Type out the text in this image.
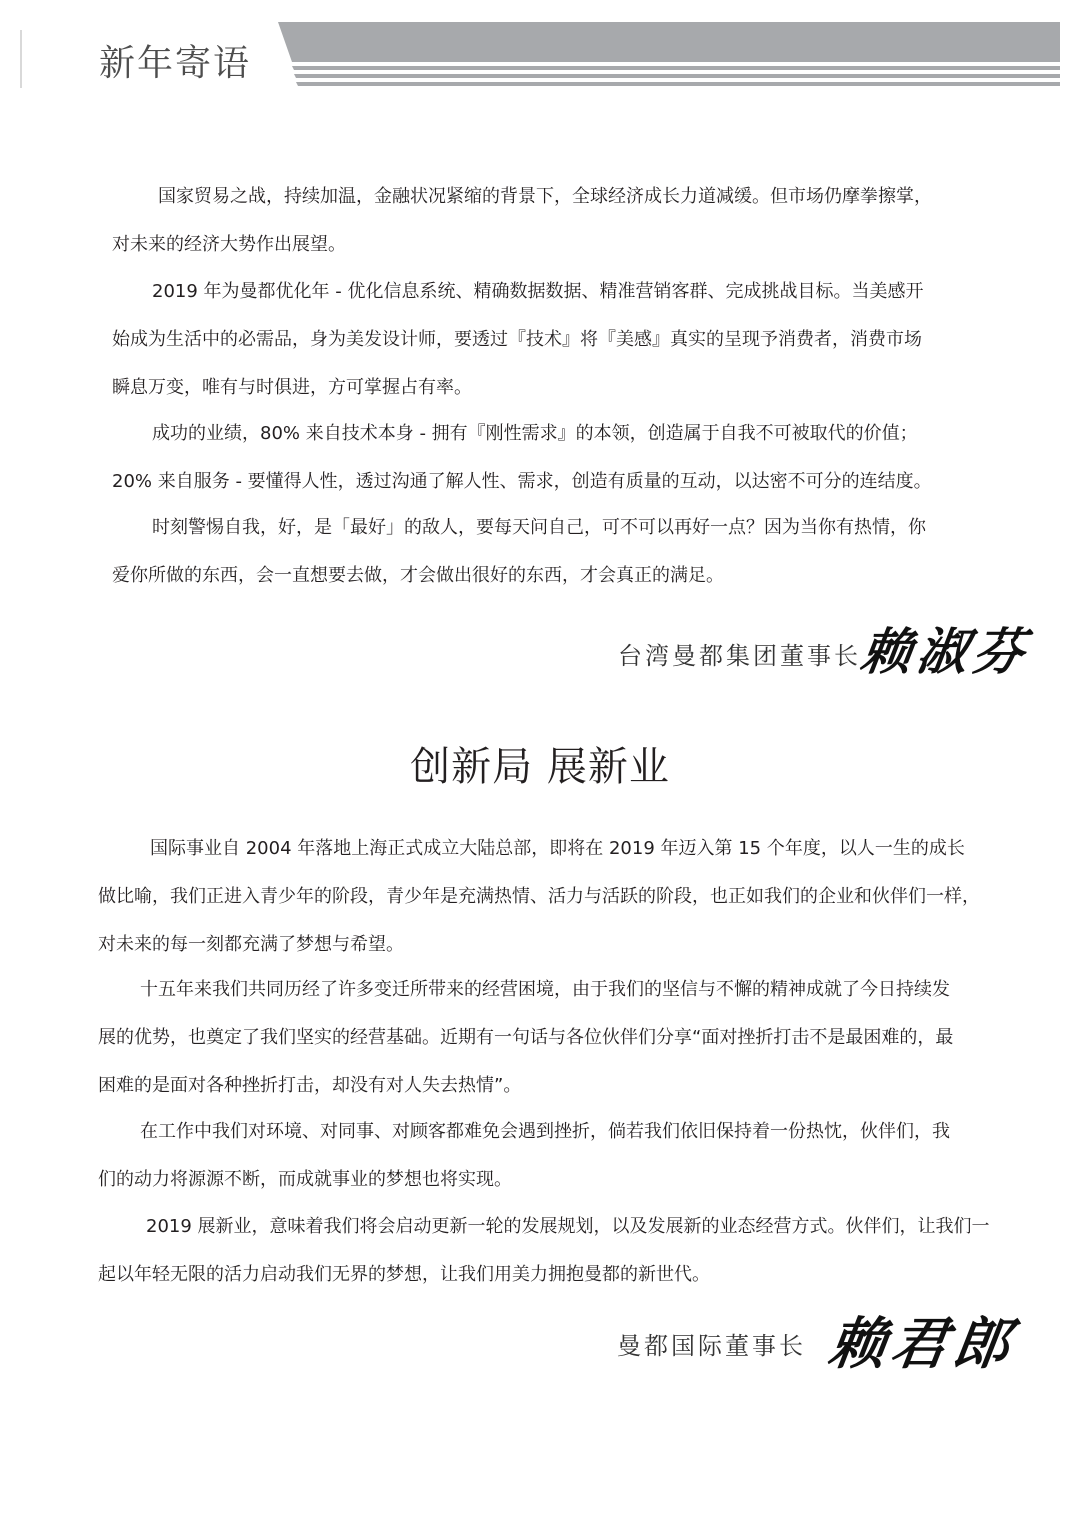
新年寄语
国家贸易之战，持续加温，金融状况紧缩的背景下，全球经济成长力道减缓。但市场仍摩拳擦掌，
对未来的经济大势作出展望。
2019 年为曼都优化年 - 优化信息系统、精确数据数据、精准营销客群、完成挑战目标。当美感开
始成为生活中的必需品，身为美发设计师，要透过『技术』将『美感』真实的呈现予消费者，消费市场
瞬息万变，唯有与时俱进，方可掌握占有率。
成功的业绩，80% 来自技术本身 - 拥有『刚性需求』的本领，创造属于自我不可被取代的价值；
20% 来自服务 - 要懂得人性，透过沟通了解人性、需求，创造有质量的互动，以达密不可分的连结度。
时刻警惕自我，好，是「最好」的敌人，要每天问自己，可不可以再好一点？因为当你有热情，你
爱你所做的东西，会一直想要去做，才会做出很好的东西，才会真正的满足。
台湾曼都集团董事长
赖淑芬
创新局 展新业
国际事业自 2004 年落地上海正式成立大陆总部，即将在 2019 年迈入第 15 个年度，以人一生的成长
做比喻，我们正进入青少年的阶段，青少年是充满热情、活力与活跃的阶段，也正如我们的企业和伙伴们一样，
对未来的每一刻都充满了梦想与希望。
十五年来我们共同历经了许多变迁所带来的经营困境，由于我们的坚信与不懈的精神成就了今日持续发
展的优势，也奠定了我们坚实的经营基础。近期有一句话与各位伙伴们分享“面对挫折打击不是最困难的，最
困难的是面对各种挫折打击，却没有对人失去热情”。
在工作中我们对环境、对同事、对顾客都难免会遇到挫折，倘若我们依旧保持着一份热忱，伙伴们，我
们的动力将源源不断，而成就事业的梦想也将实现。
2019 展新业，意味着我们将会启动更新一轮的发展规划，以及发展新的业态经营方式。伙伴们，让我们一
起以年轻无限的活力启动我们无界的梦想，让我们用美力拥抱曼都的新世代。
曼都国际董事长 赖君郎
